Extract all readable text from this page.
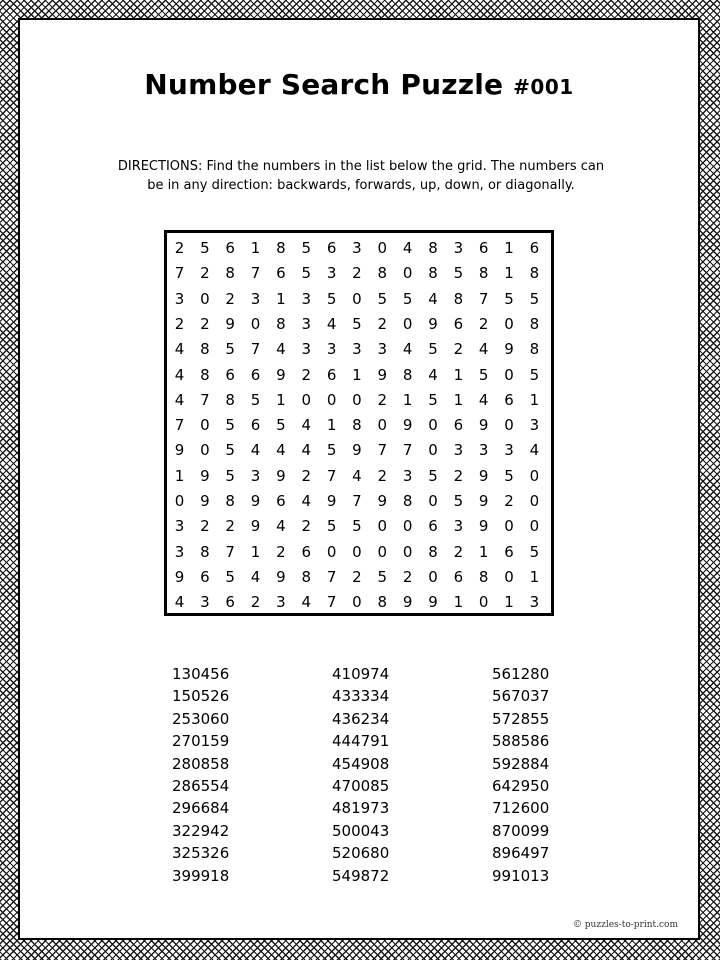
Number Search Puzzle #001
DIRECTIONS: Find the numbers in the list below the grid. The numbers can
be in any direction: backwards, forwards, up, down, or diagonally.
2	5	6	1	8	5	6	3	0	4	8	3	6	1	6
7	2	8	7	6	5	3	2	8	0	8	5	8	1	8
3	0	2	3	1	3	5	0	5	5	4	8	7	5	5
2	2	9	0	8	3	4	5	2	0	9	6	2	0	8
4	8	5	7	4	3	3	3	3	4	5	2	4	9	8
4	8	6	6	9	2	6	1	9	8	4	1	5	0	5
4	7	8	5	1	0	0	0	2	1	5	1	4	6	1
7	0	5	6	5	4	1	8	0	9	0	6	9	0	3
9	0	5	4	4	4	5	9	7	7	0	3	3	3	4
1	9	5	3	9	2	7	4	2	3	5	2	9	5	0
0	9	8	9	6	4	9	7	9	8	0	5	9	2	0
3	2	2	9	4	2	5	5	0	0	6	3	9	0	0
3	8	7	1	2	6	0	0	0	0	8	2	1	6	5
9	6	5	4	9	8	7	2	5	2	0	6	8	0	1
4	3	6	2	3	4	7	0	8	9	9	1	0	1	3
130456
150526
253060
270159
280858
286554
296684
322942
325326
399918
410974
433334
436234
444791
454908
470085
481973
500043
520680
549872
561280
567037
572855
588586
592884
642950
712600
870099
896497
991013
© puzzles-to-print.com
